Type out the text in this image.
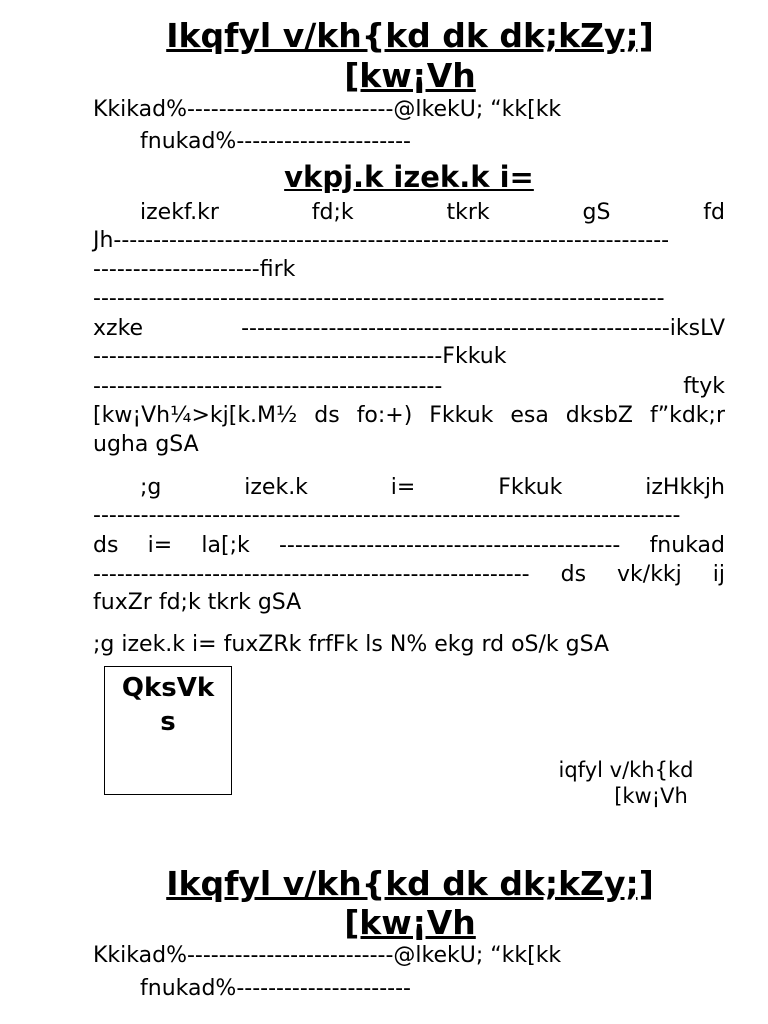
Ikqfyl v/kh{kd dk dk;kZy;]
[kw¡Vh
Kkikad%--------------------------@lkekU; “kk[kk
fnukad%----------------------
vkpj.k izek.k i=
izekf.kr fd;k tkrk gS fd
Jh----------------------------------------------------------------------
---------------------firk
------------------------------------------------------------------------
xzke ------------------------------------------------------iksLV
--------------------------------------------Fkkuk
-------------------------------------------- ftyk
[kw¡Vh¼>kj[k.M½ ds fo:+) Fkkuk esa dksbZ f”kdk;r
ugha gSA
;g izek.k i= Fkkuk izHkkjh
--------------------------------------------------------------------------
ds i= la[;k ------------------------------------------- fnukad
------------------------------------------------------- ds vk/kkj ij
fuxZr fd;k tkrk gSA
;g izek.k i= fuxZRk frfFk ls N% ekg rd oS/k gSA
QksVk
s
iqfyl v/kh{kd
[kw¡Vh
Ikqfyl v/kh{kd dk dk;kZy;]
[kw¡Vh
Kkikad%--------------------------@lkekU; “kk[kk
fnukad%----------------------
